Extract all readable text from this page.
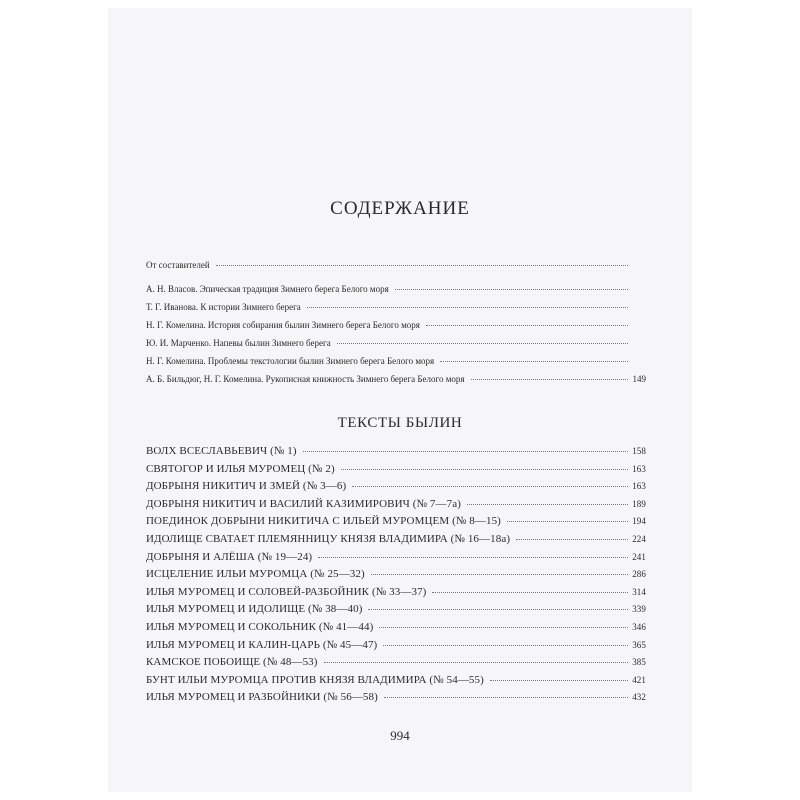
СОДЕРЖАНИЕ
От составителей
А. Н. Власов. Эпическая традиция Зимнего берега Белого моря
Т. Г. Иванова. К истории Зимнего берега
Н. Г. Комелина. История собирания былин Зимнего берега Белого моря
Ю. И. Марченко. Напевы былин Зимнего берега
Н. Г. Комелина. Проблемы текстологии былин Зимнего берега Белого моря
А. Б. Бильдюг, Н. Г. Комелина. Рукописная книжность Зимнего берега Белого моря	149
ТЕКСТЫ БЫЛИН
ВОЛХ ВСЕСЛАВЬЕВИЧ (№ 1)	158
СВЯТОГОР И ИЛЬЯ МУРОМЕЦ (№ 2)	163
ДОБРЫНЯ НИКИТИЧ И ЗМЕЙ (№ 3—6)	163
ДОБРЫНЯ НИКИТИЧ И ВАСИЛИЙ КАЗИМИРОВИЧ (№ 7—7а)	189
ПОЕДИНОК ДОБРЫНИ НИКИТИЧА С ИЛЬЕЙ МУРОМЦЕМ (№ 8—15)	194
ИДОЛИЩЕ СВАТАЕТ ПЛЕМЯННИЦУ КНЯЗЯ ВЛАДИМИРА (№ 16—18а)	224
ДОБРЫНЯ И АЛЁША (№ 19—24)	241
ИСЦЕЛЕНИЕ ИЛЬИ МУРОМЦА (№ 25—32)	286
ИЛЬЯ МУРОМЕЦ И СОЛОВЕЙ-РАЗБОЙНИК (№ 33—37)	314
ИЛЬЯ МУРОМЕЦ И ИДОЛИЩЕ (№ 38—40)	339
ИЛЬЯ МУРОМЕЦ И СОКОЛЬНИК (№ 41—44)	346
ИЛЬЯ МУРОМЕЦ И КАЛИН-ЦАРЬ (№ 45—47)	365
КАМСКОЕ ПОБОИЩЕ (№ 48—53)	385
БУНТ ИЛЬИ МУРОМЦА ПРОТИВ КНЯЗЯ ВЛАДИМИРА (№ 54—55)	421
ИЛЬЯ МУРОМЕЦ И РАЗБОЙНИКИ (№ 56—58)	432
994
